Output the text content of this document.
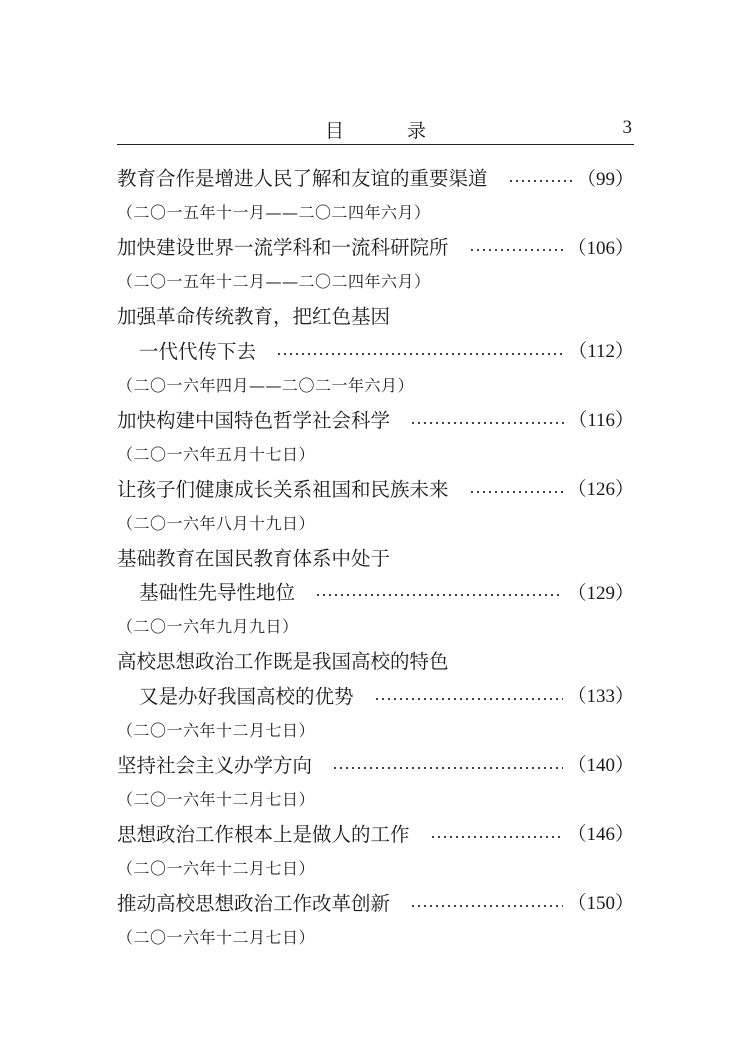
目　录	3
教育合作是增进人民了解和友谊的重要渠道	（99）
（二〇一五年十一月——二〇二四年六月）
加快建设世界一流学科和一流科研院所	（106）
（二〇一五年十二月——二〇二四年六月）
加强革命传统教育，把红色基因
一代代传下去	（112）
（二〇一六年四月——二〇二一年六月）
加快构建中国特色哲学社会科学	（116）
（二〇一六年五月十七日）
让孩子们健康成长关系祖国和民族未来	（126）
（二〇一六年八月十九日）
基础教育在国民教育体系中处于
基础性先导性地位	（129）
（二〇一六年九月九日）
高校思想政治工作既是我国高校的特色
又是办好我国高校的优势	（133）
（二〇一六年十二月七日）
坚持社会主义办学方向	（140）
（二〇一六年十二月七日）
思想政治工作根本上是做人的工作	（146）
（二〇一六年十二月七日）
推动高校思想政治工作改革创新	（150）
（二〇一六年十二月七日）
